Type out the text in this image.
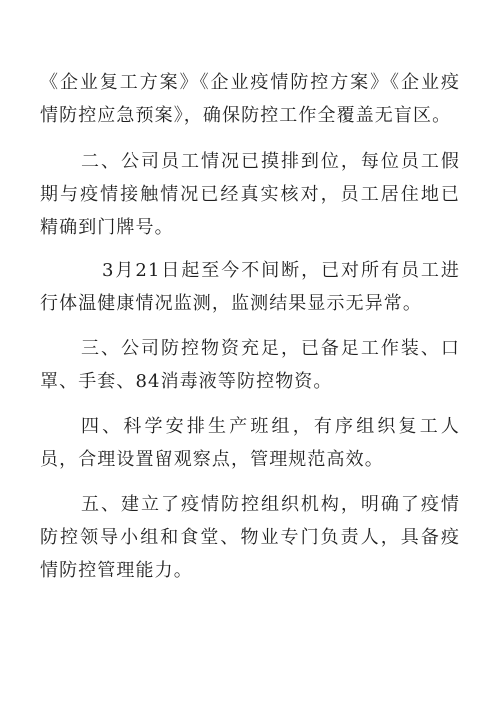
《企业复工方案》《企业疫情防控方案》《企业疫情防控应急预案》，确保防控工作全覆盖无盲区。

二、公司员工情况已摸排到位，每位员工假期与疫情接触情况已经真实核对，员工居住地已精确到门牌号。

3月21日起至今不间断，已对所有员工进行体温健康情况监测，监测结果显示无异常。

三、公司防控物资充足，已备足工作装、口罩、手套、84消毒液等防控物资。

四、科学安排生产班组，有序组织复工人员，合理设置留观察点，管理规范高效。

五、建立了疫情防控组织机构，明确了疫情防控领导小组和食堂、物业专门负责人，具备疫情防控管理能力。
